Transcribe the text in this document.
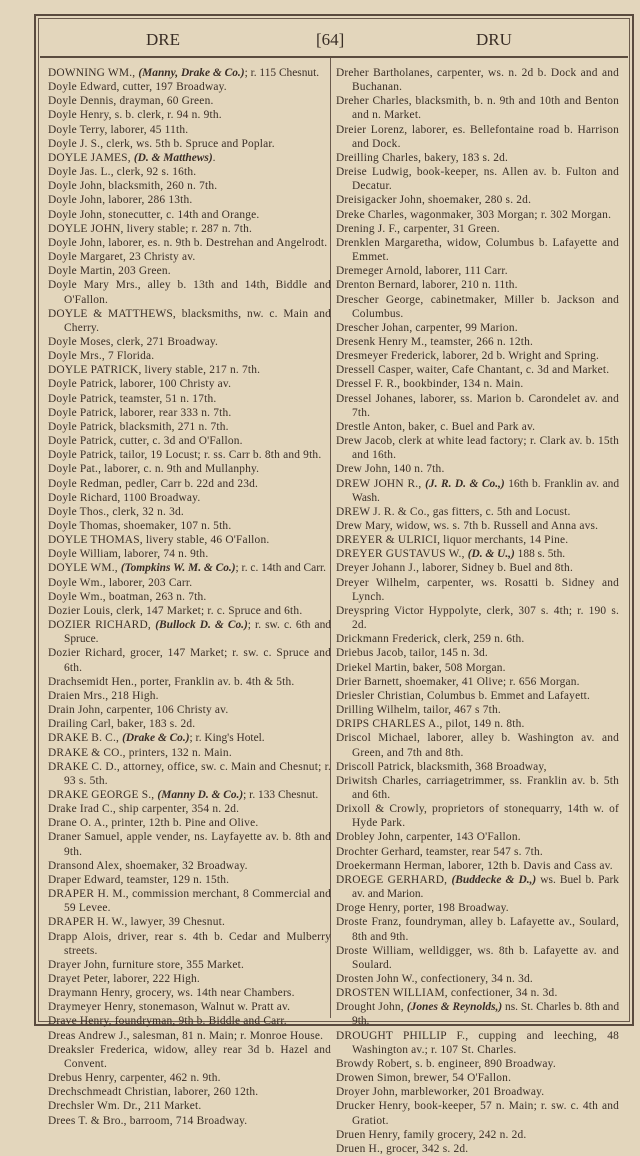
DRE	[64]	DRU

DOWNING WM., (Manny, Drake & Co.); r. 115 Chesnut.

Doyle Edward, cutter, 197 Broadway.

Doyle Dennis, drayman, 60 Green.

Doyle Henry, s. b. clerk, r. 94 n. 9th.

Doyle Terry, laborer, 45 11th.

Doyle J. S., clerk, ws. 5th b. Spruce and Poplar.

DOYLE JAMES, (D. & Matthews).

Doyle Jas. L., clerk, 92 s. 16th.

Doyle John, blacksmith, 260 n. 7th.

Doyle John, laborer, 286 13th.

Doyle John, stonecutter, c. 14th and Orange.

DOYLE JOHN, livery stable; r. 287 n. 7th.

Doyle John, laborer, es. n. 9th b. Destrehan and Angelrodt.

Doyle Margaret, 23 Christy av.

Doyle Martin, 203 Green.

Doyle Mary Mrs., alley b. 13th and 14th, Biddle and O'Fallon.

DOYLE & MATTHEWS, blacksmiths, nw. c. Main and Cherry.

Doyle Moses, clerk, 271 Broadway.

Doyle Mrs., 7 Florida.

DOYLE PATRICK, livery stable, 217 n. 7th.

Doyle Patrick, laborer, 100 Christy av.

Doyle Patrick, teamster, 51 n. 17th.

Doyle Patrick, laborer, rear 333 n. 7th.

Doyle Patrick, blacksmith, 271 n. 7th.

Doyle Patrick, cutter, c. 3d and O'Fallon.

Doyle Patrick, tailor, 19 Locust; r. ss. Carr b. 8th and 9th.

Doyle Pat., laborer, c. n. 9th and Mullanphy.

Doyle Redman, pedler, Carr b. 22d and 23d.

Doyle Richard, 1100 Broadway.

Doyle Thos., clerk, 32 n. 3d.

Doyle Thomas, shoemaker, 107 n. 5th.

DOYLE THOMAS, livery stable, 46 O'Fallon.

Doyle William, laborer, 74 n. 9th.

DOYLE WM., (Tompkins W. M. & Co.); r. c. 14th and Carr.

Doyle Wm., laborer, 203 Carr.

Doyle Wm., boatman, 263 n. 7th.

Dozier Louis, clerk, 147 Market; r. c. Spruce and 6th.

DOZIER RICHARD, (Bullock D. & Co.); r. sw. c. 6th and Spruce.

Dozier Richard, grocer, 147 Market; r. sw. c. Spruce and 6th.

Drachsemidt Hen., porter, Franklin av. b. 4th & 5th.

Draien Mrs., 218 High.

Drain John, carpenter, 106 Christy av.

Drailing Carl, baker, 183 s. 2d.

DRAKE B. C., (Drake & Co.); r. King's Hotel.

DRAKE & CO., printers, 132 n. Main.

DRAKE C. D., attorney, office, sw. c. Main and Chesnut; r. 93 s. 5th.

DRAKE GEORGE S., (Manny D. & Co.); r. 133 Chesnut.

Drake Irad C., ship carpenter, 354 n. 2d.

Drane O. A., printer, 12th b. Pine and Olive.

Draner Samuel, apple vender, ns. Layfayette av. b. 8th and 9th.

Dransond Alex, shoemaker, 32 Broadway.

Draper Edward, teamster, 129 n. 15th.

DRAPER H. M., commission merchant, 8 Commercial and 59 Levee.

DRAPER H. W., lawyer, 39 Chesnut.

Drapp Alois, driver, rear s. 4th b. Cedar and Mulberry streets.

Drayer John, furniture store, 355 Market.

Drayet Peter, laborer, 222 High.

Draymann Henry, grocery, ws. 14th near Chambers.

Draymeyer Henry, stonemason, Walnut w. Pratt av.

Drave Henry, foundryman, 9th b. Biddle and Carr.

Dreas Andrew J., salesman, 81 n. Main; r. Monroe House.

Dreaksler Frederica, widow, alley rear 3d b. Hazel and Convent.

Drebus Henry, carpenter, 462 n. 9th.

Drechschmeadt Christian, laborer, 260 12th.

Drechsler Wm. Dr., 211 Market.

Drees T. & Bro., barroom, 714 Broadway.

Dreher Bartholanes, carpenter, ws. n. 2d b. Dock and and Buchanan.

Dreher Charles, blacksmith, b. n. 9th and 10th and Benton and n. Market.

Dreier Lorenz, laborer, es. Bellefontaine road b. Harrison and Dock.

Dreilling Charles, bakery, 183 s. 2d.

Dreise Ludwig, book-keeper, ns. Allen av. b. Fulton and Decatur.

Dreisigacker John, shoemaker, 280 s. 2d.

Dreke Charles, wagonmaker, 303 Morgan; r. 302 Morgan.

Drening J. F., carpenter, 31 Green.

Drenklen Margaretha, widow, Columbus b. Lafayette and Emmet.

Dremeger Arnold, laborer, 111 Carr.

Drenton Bernard, laborer, 210 n. 11th.

Drescher George, cabinetmaker, Miller b. Jackson and Columbus.

Drescher Johan, carpenter, 99 Marion.

Dresenk Henry M., teamster, 266 n. 12th.

Dresmeyer Frederick, laborer, 2d b. Wright and Spring.

Dressell Casper, waiter, Cafe Chantant, c. 3d and Market.

Dressel F. R., bookbinder, 134 n. Main.

Dressel Johanes, laborer, ss. Marion b. Carondelet av. and 7th.

Drestle Anton, baker, c. Buel and Park av.

Drew Jacob, clerk at white lead factory; r. Clark av. b. 15th and 16th.

Drew John, 140 n. 7th.

DREW JOHN R., (J. R. D. & Co.,) 16th b. Franklin av. and Wash.

DREW J. R. & Co., gas fitters, c. 5th and Locust.

Drew Mary, widow, ws. s. 7th b. Russell and Anna avs.

DREYER & ULRICI, liquor merchants, 14 Pine.

DREYER GUSTAVUS W., (D. & U.,) 188 s. 5th.

Dreyer Johann J., laborer, Sidney b. Buel and 8th.

Dreyer Wilhelm, carpenter, ws. Rosatti b. Sidney and Lynch.

Dreyspring Victor Hyppolyte, clerk, 307 s. 4th; r. 190 s. 2d.

Drickmann Frederick, clerk, 259 n. 6th.

Driebus Jacob, tailor, 145 n. 3d.

Driekel Martin, baker, 508 Morgan.

Drier Barnett, shoemaker, 41 Olive; r. 656 Morgan.

Driesler Christian, Columbus b. Emmet and Lafayett.

Drilling Wilhelm, tailor, 467 s 7th.

DRIPS CHARLES A., pilot, 149 n. 8th.

Driscol Michael, laborer, alley b. Washington av. and Green, and 7th and 8th.

Driscoll Patrick, blacksmith, 368 Broadway,

Driwitsh Charles, carriagetrimmer, ss. Franklin av. b. 5th and 6th.

Drixoll & Crowly, proprietors of stonequarry, 14th w. of Hyde Park.

Drobley John, carpenter, 143 O'Fallon.

Drochter Gerhard, teamster, rear 547 s. 7th.

Droekermann Herman, laborer, 12th b. Davis and Cass av.

DROEGE GERHARD, (Buddecke & D.,) ws. Buel b. Park av. and Marion.

Droge Henry, porter, 198 Broadway.

Droste Franz, foundryman, alley b. Lafayette av., Soulard, 8th and 9th.

Droste William, welldigger, ws. 8th b. Lafayette av. and Soulard.

Drosten John W., confectionery, 34 n. 3d.

DROSTEN WILLIAM, confectioner, 34 n. 3d.

Drought John, (Jones & Reynolds,) ns. St. Charles b. 8th and 9th.

DROUGHT PHILLIP F., cupping and leeching, 48 Washington av.; r. 107 St. Charles.

Browdy Robert, s. b. engineer, 890 Broadway.

Drowen Simon, brewer, 54 O'Fallon.

Droyer John, marbleworker, 201 Broadway.

Drucker Henry, book-keeper, 57 n. Main; r. sw. c. 4th and Gratiot.

Druen Henry, family grocery, 242 n. 2d.

Druen H., grocer, 342 s. 2d.
